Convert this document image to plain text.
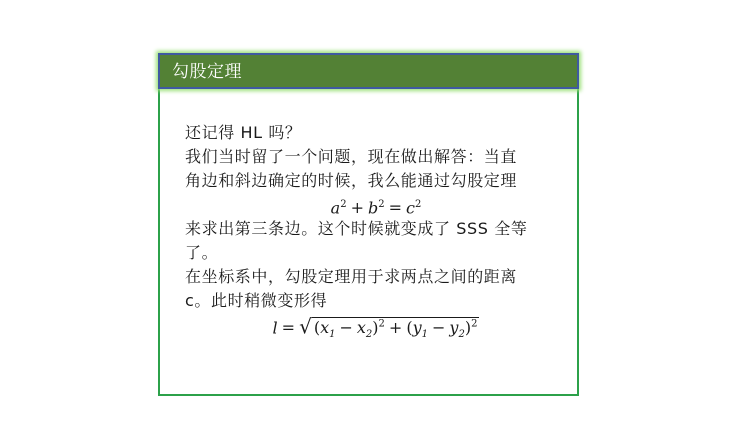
勾股定理
还记得 HL 吗？
我们当时留了一个问题，现在做出解答：当直
角边和斜边确定的时候，我么能通过勾股定理
$a^2 + b^2 = c^2$
来求出第三条边。这个时候就变成了 SSS 全等
了。
在坐标系中，勾股定理用于求两点之间的距离
c。此时稍微变形得
l = √ $(x_1 - x_2)^2 + (y_1 - y_2)^2$
